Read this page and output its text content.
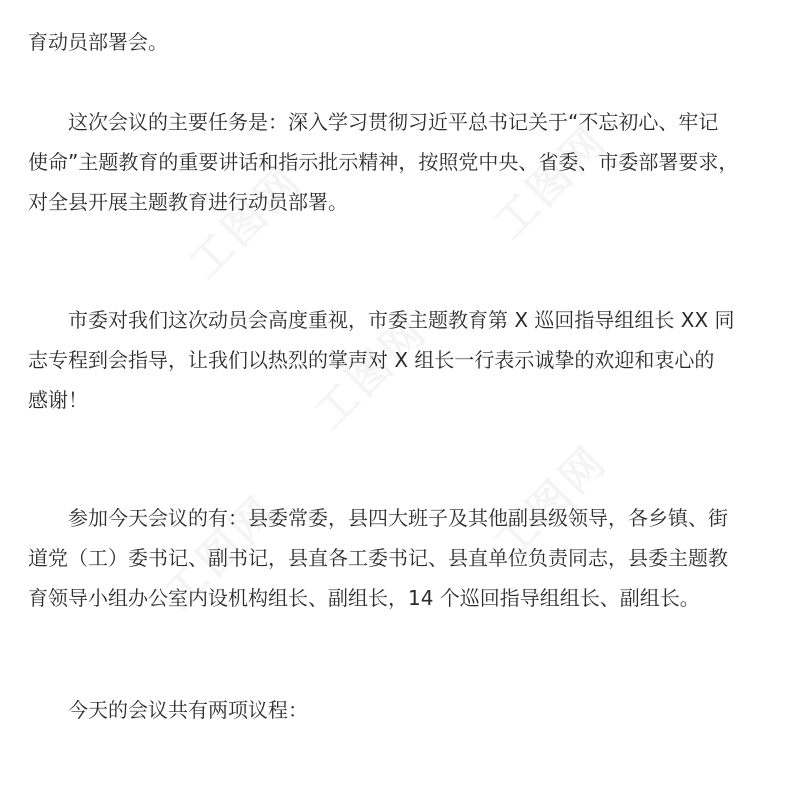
育动员部署会。

这次会议的主要任务是：深入学习贯彻习近平总书记关于“不忘初心、牢记
使命”主题教育的重要讲话和指示批示精神，按照党中央、省委、市委部署要求，
对全县开展主题教育进行动员部署。

市委对我们这次动员会高度重视，市委主题教育第 X 巡回指导组组长 XX 同
志专程到会指导，让我们以热烈的掌声对 X 组长一行表示诚挚的欢迎和衷心的
感谢！

参加今天会议的有：县委常委，县四大班子及其他副县级领导，各乡镇、街
道党（工）委书记、副书记，县直各工委书记、县直单位负责同志，县委主题教
育领导小组办公室内设机构组长、副组长，14 个巡回指导组组长、副组长。

今天的会议共有两项议程：
